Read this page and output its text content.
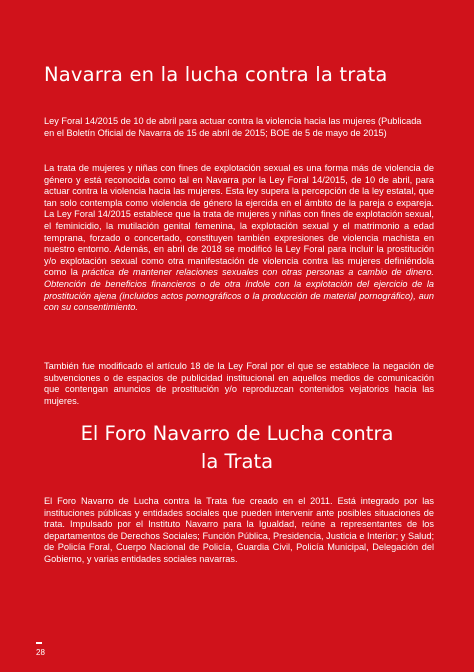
Navarra en la lucha contra la trata

Ley Foral 14/2015 de 10 de abril para actuar contra la violencia hacia las mujeres (Publicada en el Boletín Oficial de Navarra de 15 de abril de 2015; BOE de 5 de mayo de 2015)

La trata de mujeres y niñas con fines de explotación sexual es una forma más de violencia de género y está reconocida como tal en Navarra por la Ley Foral 14/2015, de 10 de abril, para actuar contra la violencia hacia las mujeres. Esta ley supera la percepción de la ley estatal, que tan solo contempla como violencia de género la ejercida en el ámbito de la pareja o expareja. La Ley Foral 14/2015 establece que la trata de mujeres y niñas con fines de explotación sexual, el feminicidio, la mutilación genital femenina, la explotación sexual y el matrimonio a edad temprana, forzado o concertado, constituyen también expresiones de violencia machista en nuestro entorno. Además, en abril de 2018 se modificó la Ley Foral para incluir la prostitución y/o explotación sexual como otra manifestación de violencia contra las mujeres definiéndola como la práctica de mantener relaciones sexuales con otras personas a cambio de dinero. Obtención de beneficios financieros o de otra índole con la explotación del ejercicio de la prostitución ajena (incluidos actos pornográficos o la producción de material pornográfico), aun con su consentimiento.

También fue modificado el artículo 18 de la Ley Foral por el que se establece la negación de subvenciones o de espacios de publicidad institucional en aquellos medios de comunicación que contengan anuncios de prostitución y/o reproduzcan contenidos vejatorios hacia las mujeres.

El Foro Navarro de Lucha contra la Trata

El Foro Navarro de Lucha contra la Trata fue creado en el 2011. Está integrado por las instituciones públicas y entidades sociales que pueden intervenir ante posibles situaciones de trata. Impulsado por el Instituto Navarro para la Igualdad, reúne a representantes de los departamentos de Derechos Sociales; Función Pública, Presidencia, Justicia e Interior; y Salud; de Policía Foral, Cuerpo Nacional de Policía, Guardia Civil, Policía Municipal, Delegación del Gobierno, y varias entidades sociales navarras.

28
